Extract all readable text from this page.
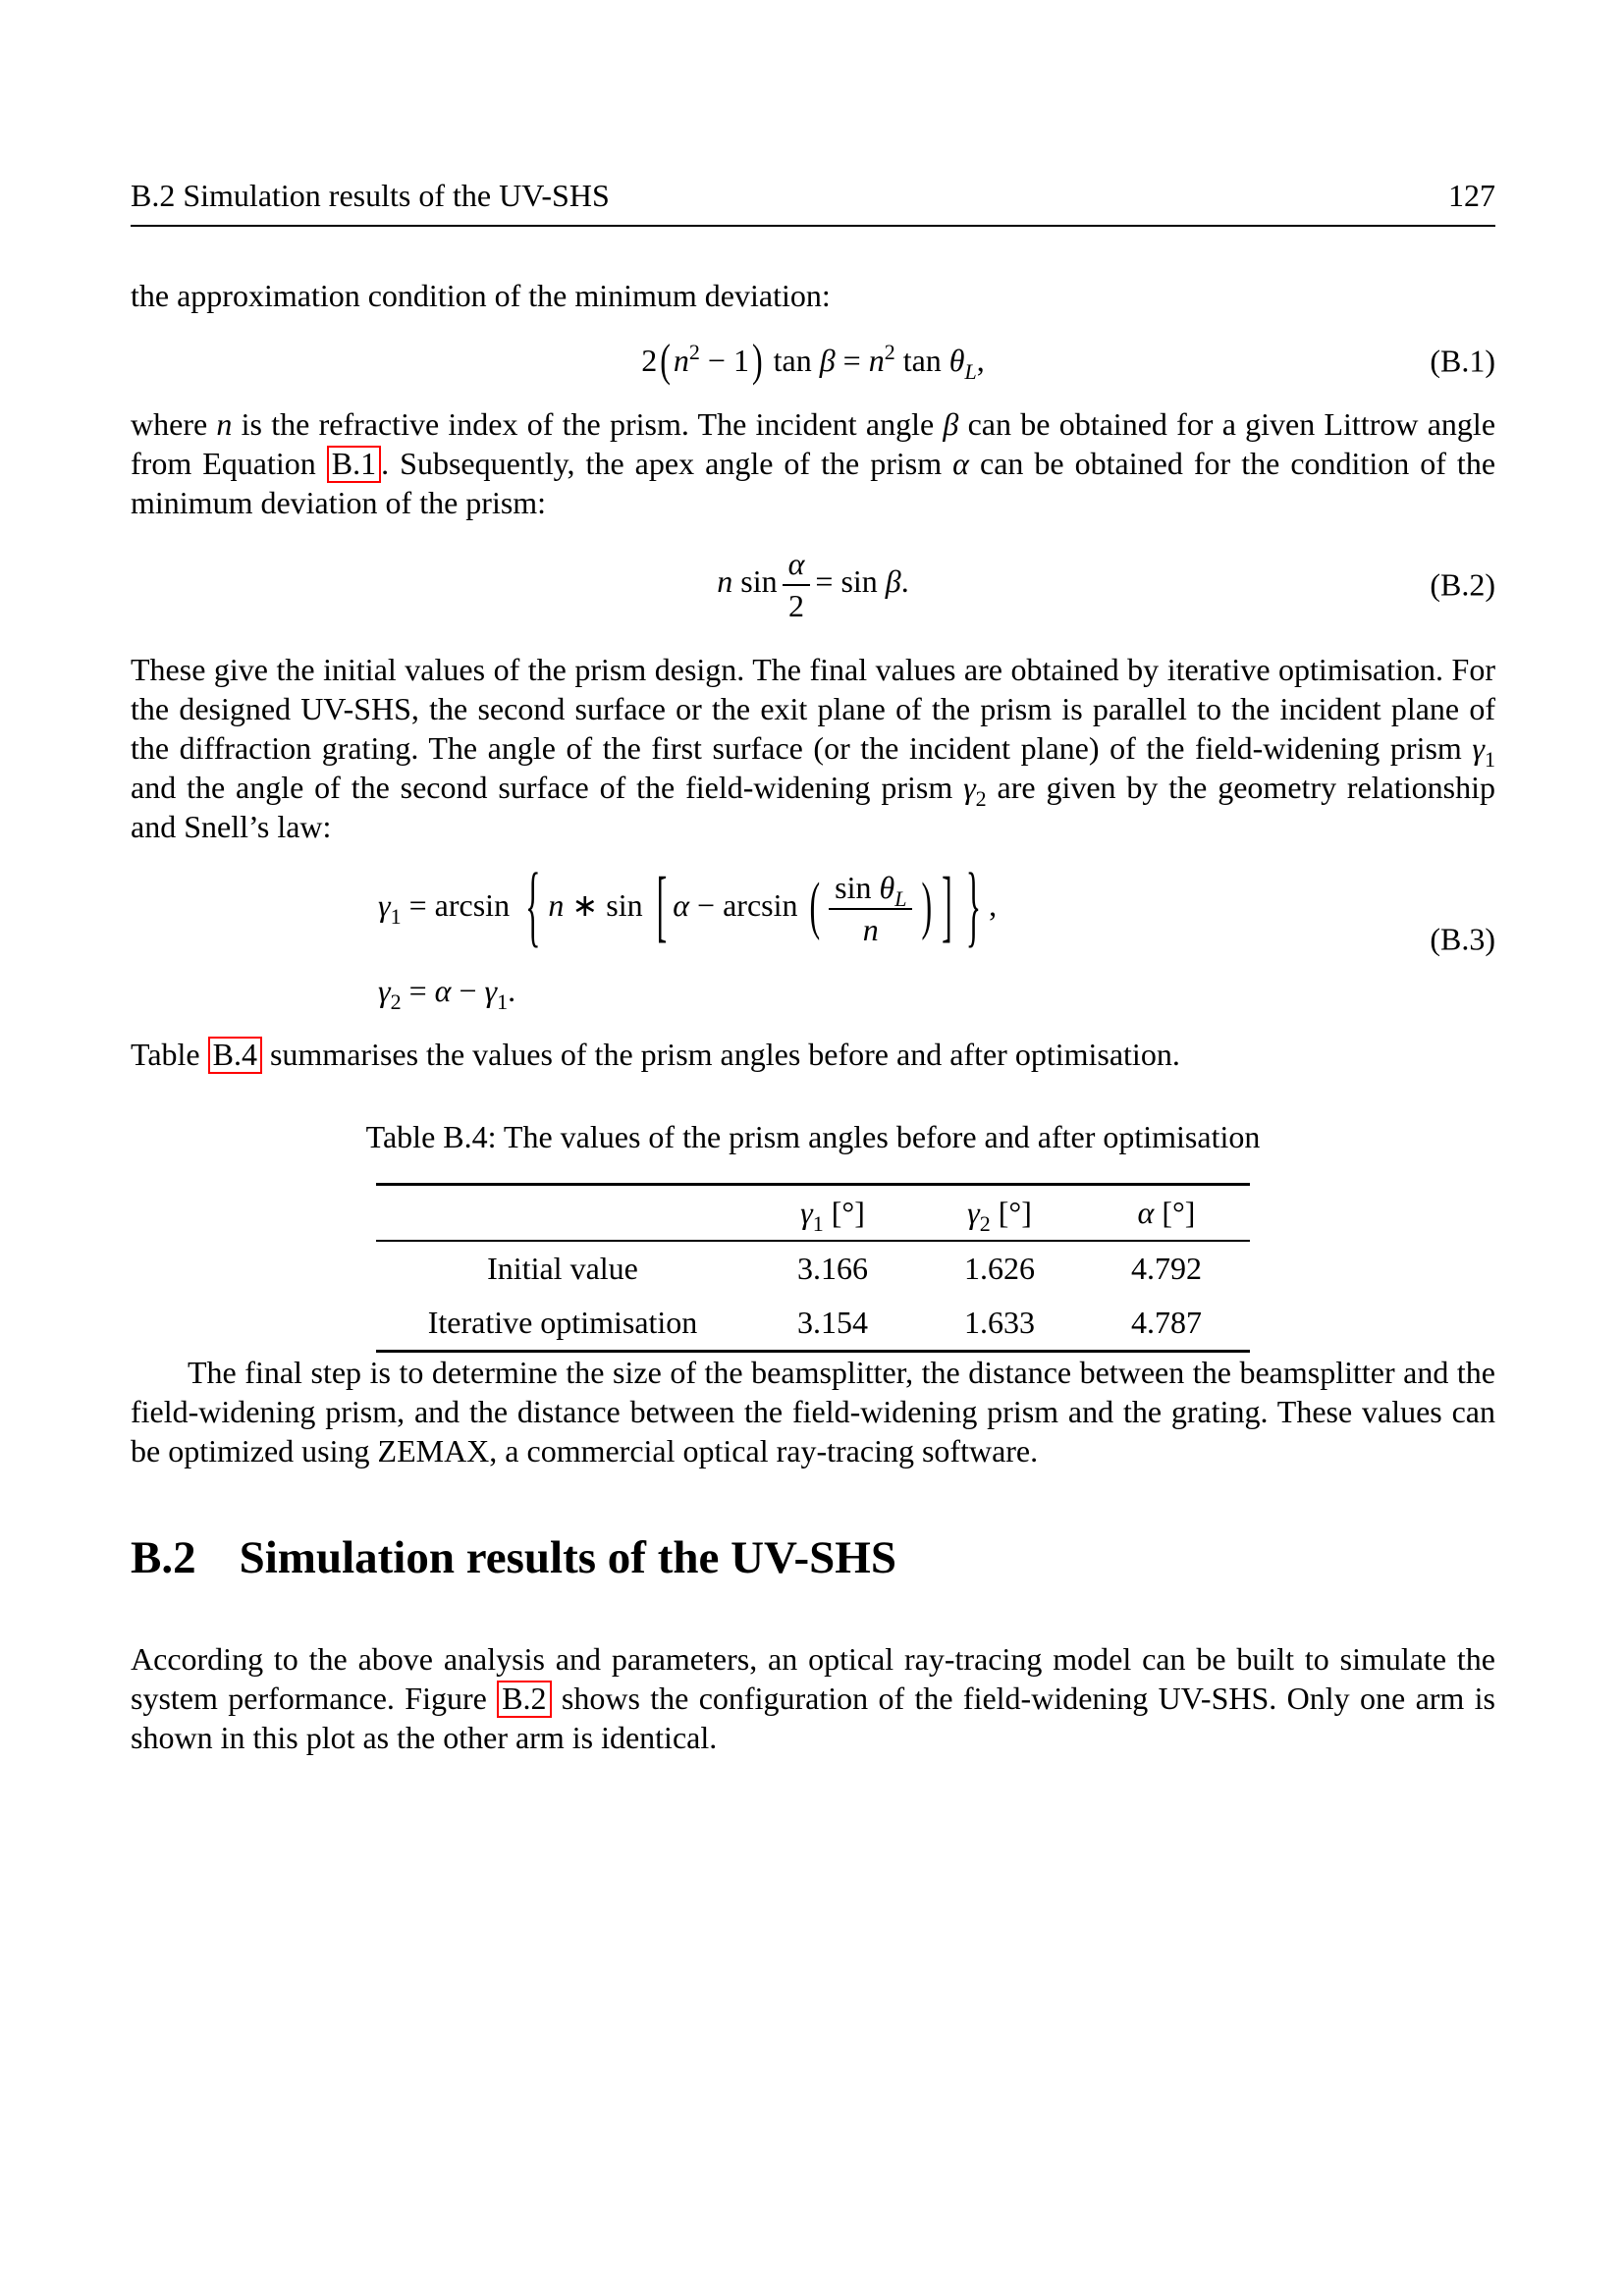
B.2 Simulation results of the UV-SHS	127

the approximation condition of the minimum deviation:

$2(n^2 - 1)$ $\tan \beta = n^2$ $\tan \theta_L$,	(B.1)

where n is the refractive index of the prism. The incident angle β can be obtained for a given Littrow angle from Equation B.1 . Subsequently, the apex angle of the prism α can be obtained for the condition of the minimum deviation of the prism:

n $\sin \frac{\alpha}{2} = \sin \beta$.	(B.2)

These give the initial values of the prism design. The final values are obtained by iterative optimisation. For the designed UV-SHS, the second surface or the exit plane of the prism is parallel to the incident plane of the diffraction grating. The angle of the first surface (or the incident plane) of the field-widening prism $\gamma_1$ and the angle of the second surface of the field-widening prism $\gamma_2$ are given by the geometry relationship and Snell’s law:

$\gamma_1 = \arcsin$ { n ∗ sin [ α − arcsin ( $\frac{\sin \theta_L}{n}$ ) ] } ,
$\gamma_2 = \alpha - \gamma_1$.
(B.3)

Table B.4 summarises the values of the prism angles before and after optimisation.

Table B.4: The values of the prism angles before and after optimisation
	$\gamma_1$ [°]	$\gamma_2$ [°]	α [°]
Initial value	3.166	1.626	4.792
Iterative optimisation	3.154	1.633	4.787

The final step is to determine the size of the beamsplitter, the distance between the beamsplitter and the field-widening prism, and the distance between the field-widening prism and the grating. These values can be optimized using ZEMAX, a commercial optical ray-tracing software.

B.2 Simulation results of the UV-SHS

According to the above analysis and parameters, an optical ray-tracing model can be built to simulate the system performance. Figure B.2 shows the configuration of the field-widening UV-SHS. Only one arm is shown in this plot as the other arm is identical.
